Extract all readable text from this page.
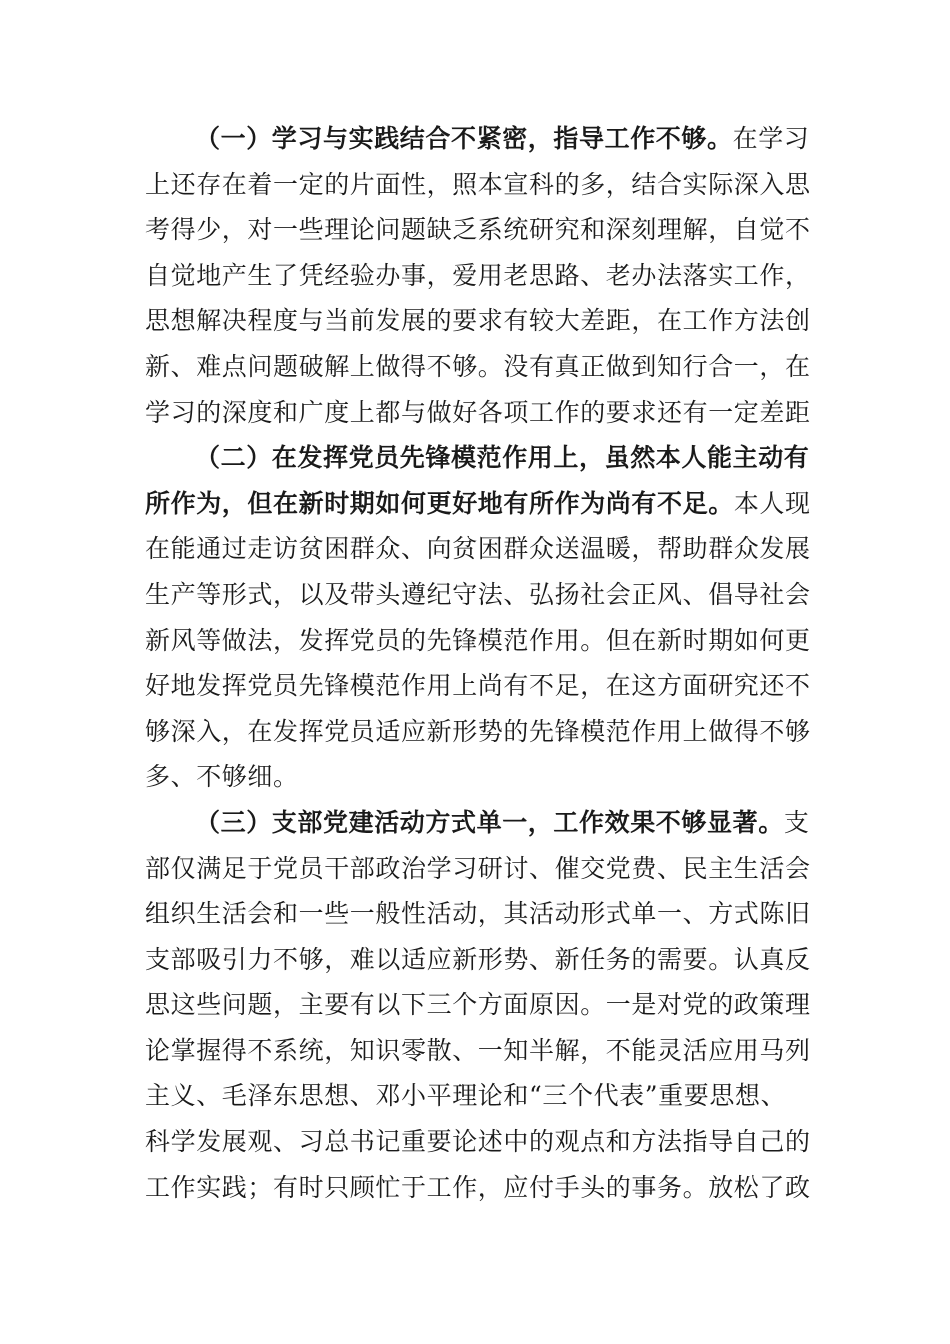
（一）学习与实践结合不紧密，指导工作不够。在学习
上还存在着一定的片面性，照本宣科的多，结合实际深入思
考得少，对一些理论问题缺乏系统研究和深刻理解，自觉不
自觉地产生了凭经验办事，爱用老思路、老办法落实工作，
思想解决程度与当前发展的要求有较大差距，在工作方法创
新、难点问题破解上做得不够。没有真正做到知行合一，在
学习的深度和广度上都与做好各项工作的要求还有一定差距
（二）在发挥党员先锋模范作用上，虽然本人能主动有
所作为，但在新时期如何更好地有所作为尚有不足。本人现
在能通过走访贫困群众、向贫困群众送温暖，帮助群众发展
生产等形式，以及带头遵纪守法、弘扬社会正风、倡导社会
新风等做法，发挥党员的先锋模范作用。但在新时期如何更
好地发挥党员先锋模范作用上尚有不足，在这方面研究还不
够深入，在发挥党员适应新形势的先锋模范作用上做得不够
多、不够细。
（三）支部党建活动方式单一，工作效果不够显著。支
部仅满足于党员干部政治学习研讨、催交党费、民主生活会
组织生活会和一些一般性活动，其活动形式单一、方式陈旧
支部吸引力不够，难以适应新形势、新任务的需要。认真反
思这些问题，主要有以下三个方面原因。一是对党的政策理
论掌握得不系统，知识零散、一知半解，不能灵活应用马列
主义、毛泽东思想、邓小平理论和“三个代表”重要思想、
科学发展观、习总书记重要论述中的观点和方法指导自己的
工作实践；有时只顾忙于工作，应付手头的事务。放松了政
